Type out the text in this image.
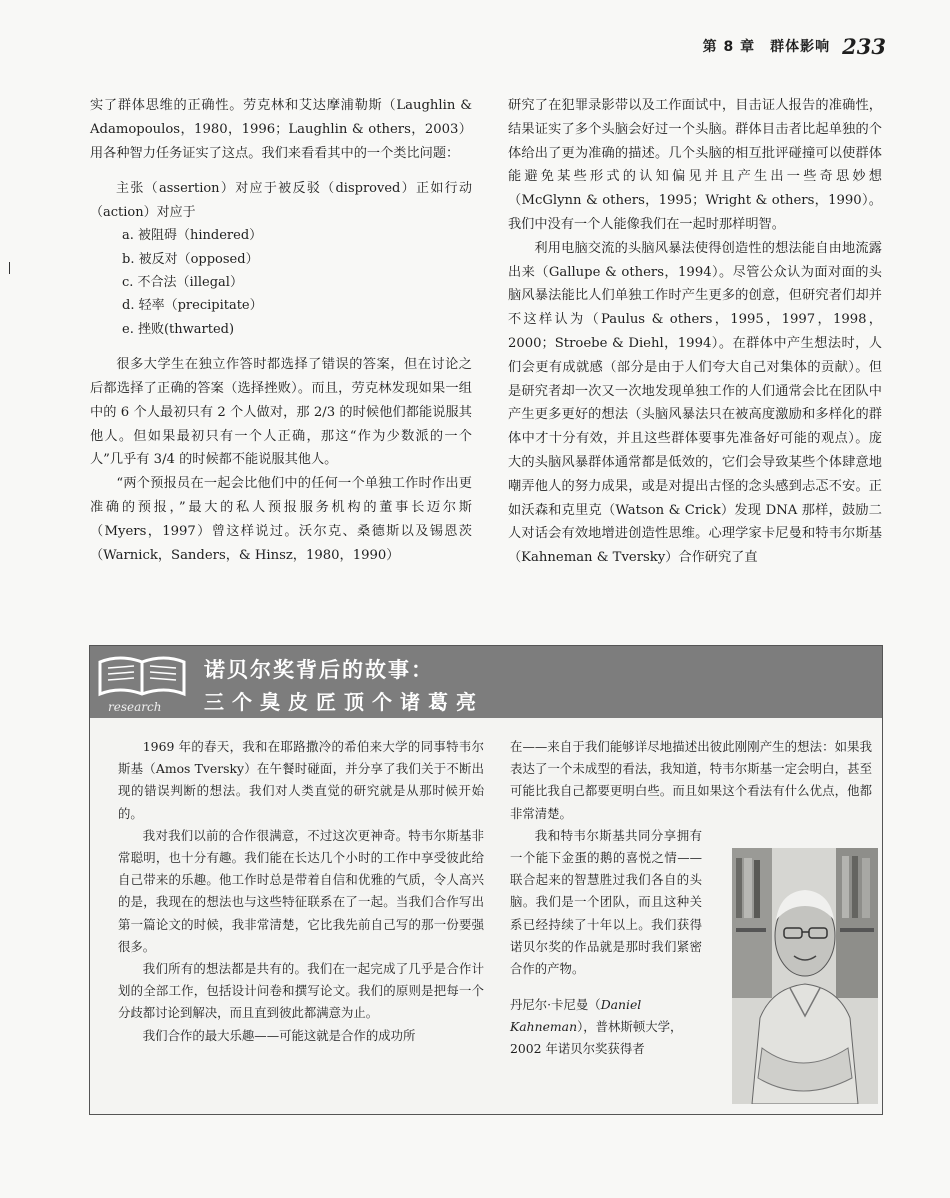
第 8 章　群体影响 233

实了群体思维的正确性。劳克林和艾达摩浦勒斯（Laughlin & Adamopoulos，1980，1996；Laughlin & others，2003）用各种智力任务证实了这点。我们来看看其中的一个类比问题：

主张（assertion）对应于被反驳（disproved）正如行动（action）对应于

a. 被阻碍（hindered）

b. 被反对（opposed）

c. 不合法（illegal）

d. 轻率（precipitate）

e. 挫败(thwarted)

很多大学生在独立作答时都选择了错误的答案，但在讨论之后都选择了正确的答案（选择挫败）。而且，劳克林发现如果一组中的 6 个人最初只有 2 个人做对，那 2/3 的时候他们都能说服其他人。但如果最初只有一个人正确，那这“作为少数派的一个人”几乎有 3/4 的时候都不能说服其他人。

“两个预报员在一起会比他们中的任何一个单独工作时作出更准确的预报，”最大的私人预报服务机构的董事长迈尔斯（Myers，1997）曾这样说过。沃尔克、桑德斯以及锡恩茨（Warnick，Sanders，& Hinsz，1980，1990）

研究了在犯罪录影带以及工作面试中，目击证人报告的准确性，结果证实了多个头脑会好过一个头脑。群体目击者比起单独的个体给出了更为准确的描述。几个头脑的相互批评碰撞可以使群体能避免某些形式的认知偏见并且产生出一些奇思妙想（McGlynn & others，1995；Wright & others，1990）。我们中没有一个人能像我们在一起时那样明智。

利用电脑交流的头脑风暴法使得创造性的想法能自由地流露出来（Gallupe & others，1994）。尽管公众认为面对面的头脑风暴法能比人们单独工作时产生更多的创意，但研究者们却并不这样认为（Paulus & others，1995，1997，1998，2000；Stroebe & Diehl，1994）。在群体中产生想法时，人们会更有成就感（部分是由于人们夸大自己对集体的贡献）。但是研究者却一次又一次地发现单独工作的人们通常会比在团队中产生更多更好的想法（头脑风暴法只在被高度激励和多样化的群体中才十分有效，并且这些群体要事先准备好可能的观点）。庞大的头脑风暴群体通常都是低效的，它们会导致某些个体肆意地嘲弄他人的努力成果，或是对提出古怪的念头感到忐忑不安。正如沃森和克里克（Watson & Crick）发现 DNA 那样，鼓励二人对话会有效地增进创造性思维。心理学家卡尼曼和特韦尔斯基（Kahneman & Tversky）合作研究了直

research
诺贝尔奖背后的故事：
三个臭皮匠顶个诸葛亮

1969 年的春天，我和在耶路撒冷的希伯来大学的同事特韦尔斯基（Amos Tversky）在午餐时碰面，并分享了我们关于不断出现的错误判断的想法。我们对人类直觉的研究就是从那时候开始的。

我对我们以前的合作很满意，不过这次更神奇。特韦尔斯基非常聪明，也十分有趣。我们能在长达几个小时的工作中享受彼此给自己带来的乐趣。他工作时总是带着自信和优雅的气质，令人高兴的是，我现在的想法也与这些特征联系在了一起。当我们合作写出第一篇论文的时候，我非常清楚，它比我先前自己写的那一份要强很多。

我们所有的想法都是共有的。我们在一起完成了几乎是合作计划的全部工作，包括设计问卷和撰写论文。我们的原则是把每一个分歧都讨论到解决，而且直到彼此都满意为止。

我们合作的最大乐趣——可能这就是合作的成功所

在——来自于我们能够详尽地描述出彼此刚刚产生的想法：如果我表达了一个未成型的看法，我知道，特韦尔斯基一定会明白，甚至可能比我自己都要更明白些。而且如果这个看法有什么优点，他都非常清楚。

我和特韦尔斯基共同分享拥有一个能下金蛋的鹅的喜悦之情——联合起来的智慧胜过我们各自的头脑。我们是一个团队，而且这种关系已经持续了十年以上。我们获得诺贝尔奖的作品就是那时我们紧密合作的产物。

丹尼尔·卡尼曼（Daniel Kahneman），普林斯顿大学，2002 年诺贝尔奖获得者
